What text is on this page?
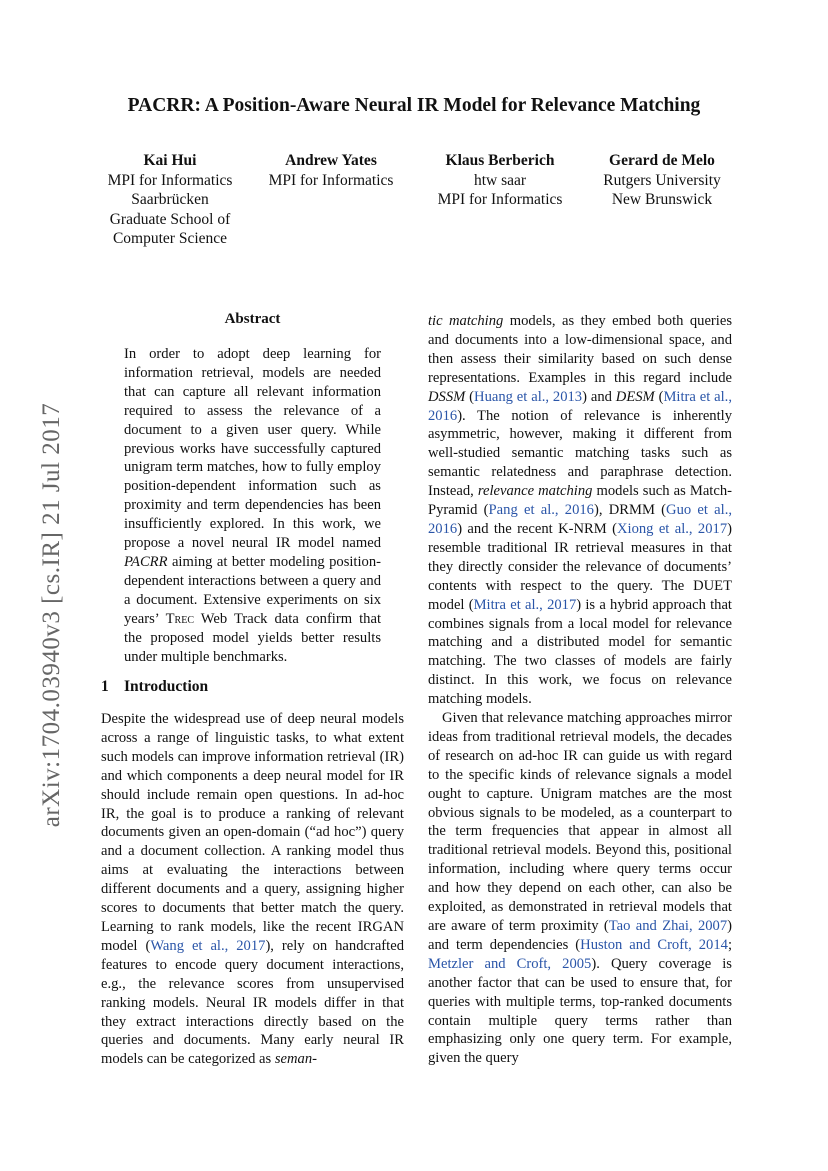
arXiv:1704.03940v3 [cs.IR] 21 Jul 2017
PACRR: A Position-Aware Neural IR Model for Relevance Matching
Kai Hui
MPI for Informatics
Saarbrücken
Graduate School of
Computer Science
Andrew Yates
MPI for Informatics
Klaus Berberich
htw saar
MPI for Informatics
Gerard de Melo
Rutgers University
New Brunswick
Abstract
In order to adopt deep learning for information retrieval, models are needed that can capture all relevant information required to assess the relevance of a document to a given user query. While previous works have successfully captured unigram term matches, how to fully employ position-dependent information such as proximity and term dependencies has been insufficiently explored. In this work, we propose a novel neural IR model named PACRR aiming at better modeling position-dependent interactions between a query and a document. Extensive experiments on six years’ Trec Web Track data confirm that the proposed model yields better results under multiple benchmarks.
1 Introduction

Despite the widespread use of deep neural models across a range of linguistic tasks, to what extent such models can improve information retrieval (IR) and which components a deep neural model for IR should include remain open questions. In ad-hoc IR, the goal is to produce a ranking of relevant documents given an open-domain (“ad hoc”) query and a document collection. A ranking model thus aims at evaluating the interactions between different documents and a query, assigning higher scores to documents that better match the query. Learning to rank models, like the recent IRGAN model (Wang et al., 2017), rely on handcrafted features to encode query document interactions, e.g., the relevance scores from unsupervised ranking models. Neural IR models differ in that they extract interactions directly based on the queries and documents. Many early neural IR models can be categorized as seman-

tic matching models, as they embed both queries and documents into a low-dimensional space, and then assess their similarity based on such dense representations. Examples in this regard include DSSM (Huang et al., 2013) and DESM (Mitra et al., 2016). The notion of relevance is inherently asymmetric, however, making it different from well-studied semantic matching tasks such as semantic relatedness and paraphrase detection. Instead, relevance matching models such as Match-Pyramid (Pang et al., 2016), DRMM (Guo et al., 2016) and the recent K-NRM (Xiong et al., 2017) resemble traditional IR retrieval measures in that they directly consider the relevance of documents’ contents with respect to the query. The DUET model (Mitra et al., 2017) is a hybrid approach that combines signals from a local model for relevance matching and a distributed model for semantic matching. The two classes of models are fairly distinct. In this work, we focus on relevance matching models.

Given that relevance matching approaches mirror ideas from traditional retrieval models, the decades of research on ad-hoc IR can guide us with regard to the specific kinds of relevance signals a model ought to capture. Unigram matches are the most obvious signals to be modeled, as a counterpart to the term frequencies that appear in almost all traditional retrieval models. Beyond this, positional information, including where query terms occur and how they depend on each other, can also be exploited, as demonstrated in retrieval models that are aware of term proximity (Tao and Zhai, 2007) and term dependencies (Huston and Croft, 2014; Metzler and Croft, 2005). Query coverage is another factor that can be used to ensure that, for queries with multiple terms, top-ranked documents contain multiple query terms rather than emphasizing only one query term. For example, given the query
